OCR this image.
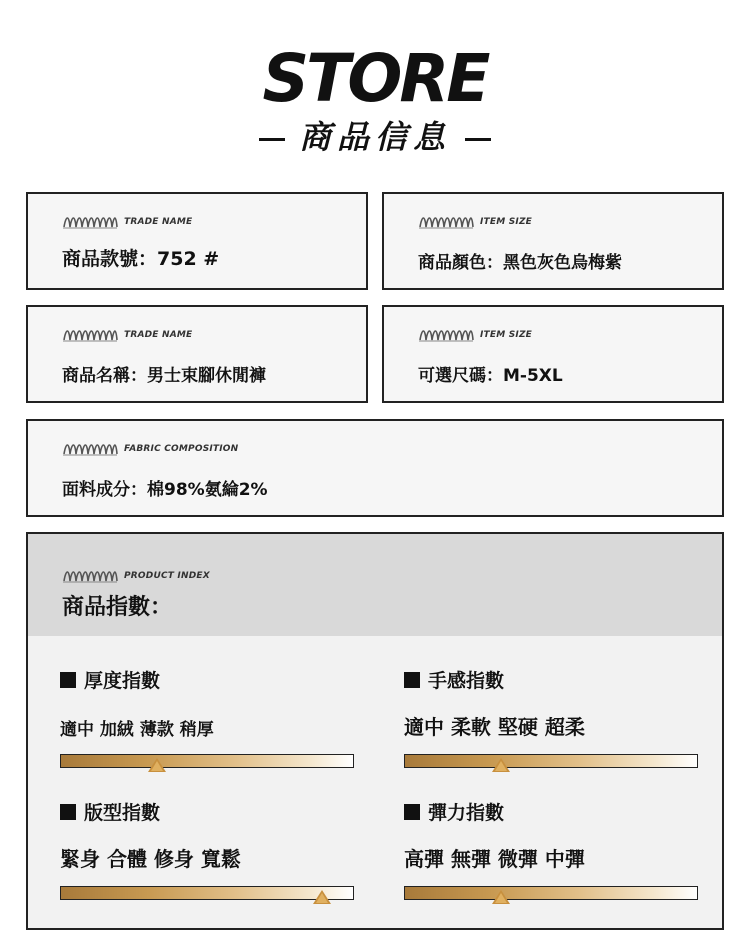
STORE
商品信息
TRADE NAME
商品款號：752 #
ITEM SIZE
商品顏色：黑色灰色烏梅紫
TRADE NAME
商品名稱：男士束腳休閒褲
ITEM SIZE
可選尺碼：M-5XL
FABRIC COMPOSITION
面料成分：棉98%氨綸2%
PRODUCT INDEX
商品指數：
厚度指數
適中 加絨 薄款 稍厚
手感指數
適中 柔軟 堅硬 超柔
版型指數
緊身 合體 修身 寬鬆
彈力指數
高彈 無彈 微彈 中彈
